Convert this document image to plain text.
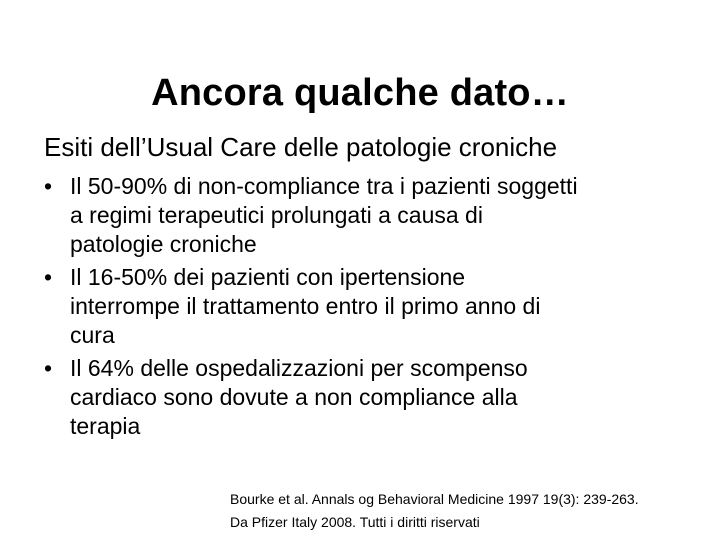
Ancora qualche dato…
Esiti dell’Usual Care delle patologie croniche
• Il 50-90% di non-compliance tra i pazienti soggetti
a regimi terapeutici prolungati a causa di
patologie croniche
• Il 16-50% dei pazienti con ipertensione
interrompe il trattamento entro il primo anno di
cura
• Il 64% delle ospedalizzazioni per scompenso
cardiaco sono dovute a non compliance alla
terapia
Bourke et al. Annals og Behavioral Medicine 1997 19(3): 239-263.
Da Pfizer Italy 2008. Tutti i diritti riservati
